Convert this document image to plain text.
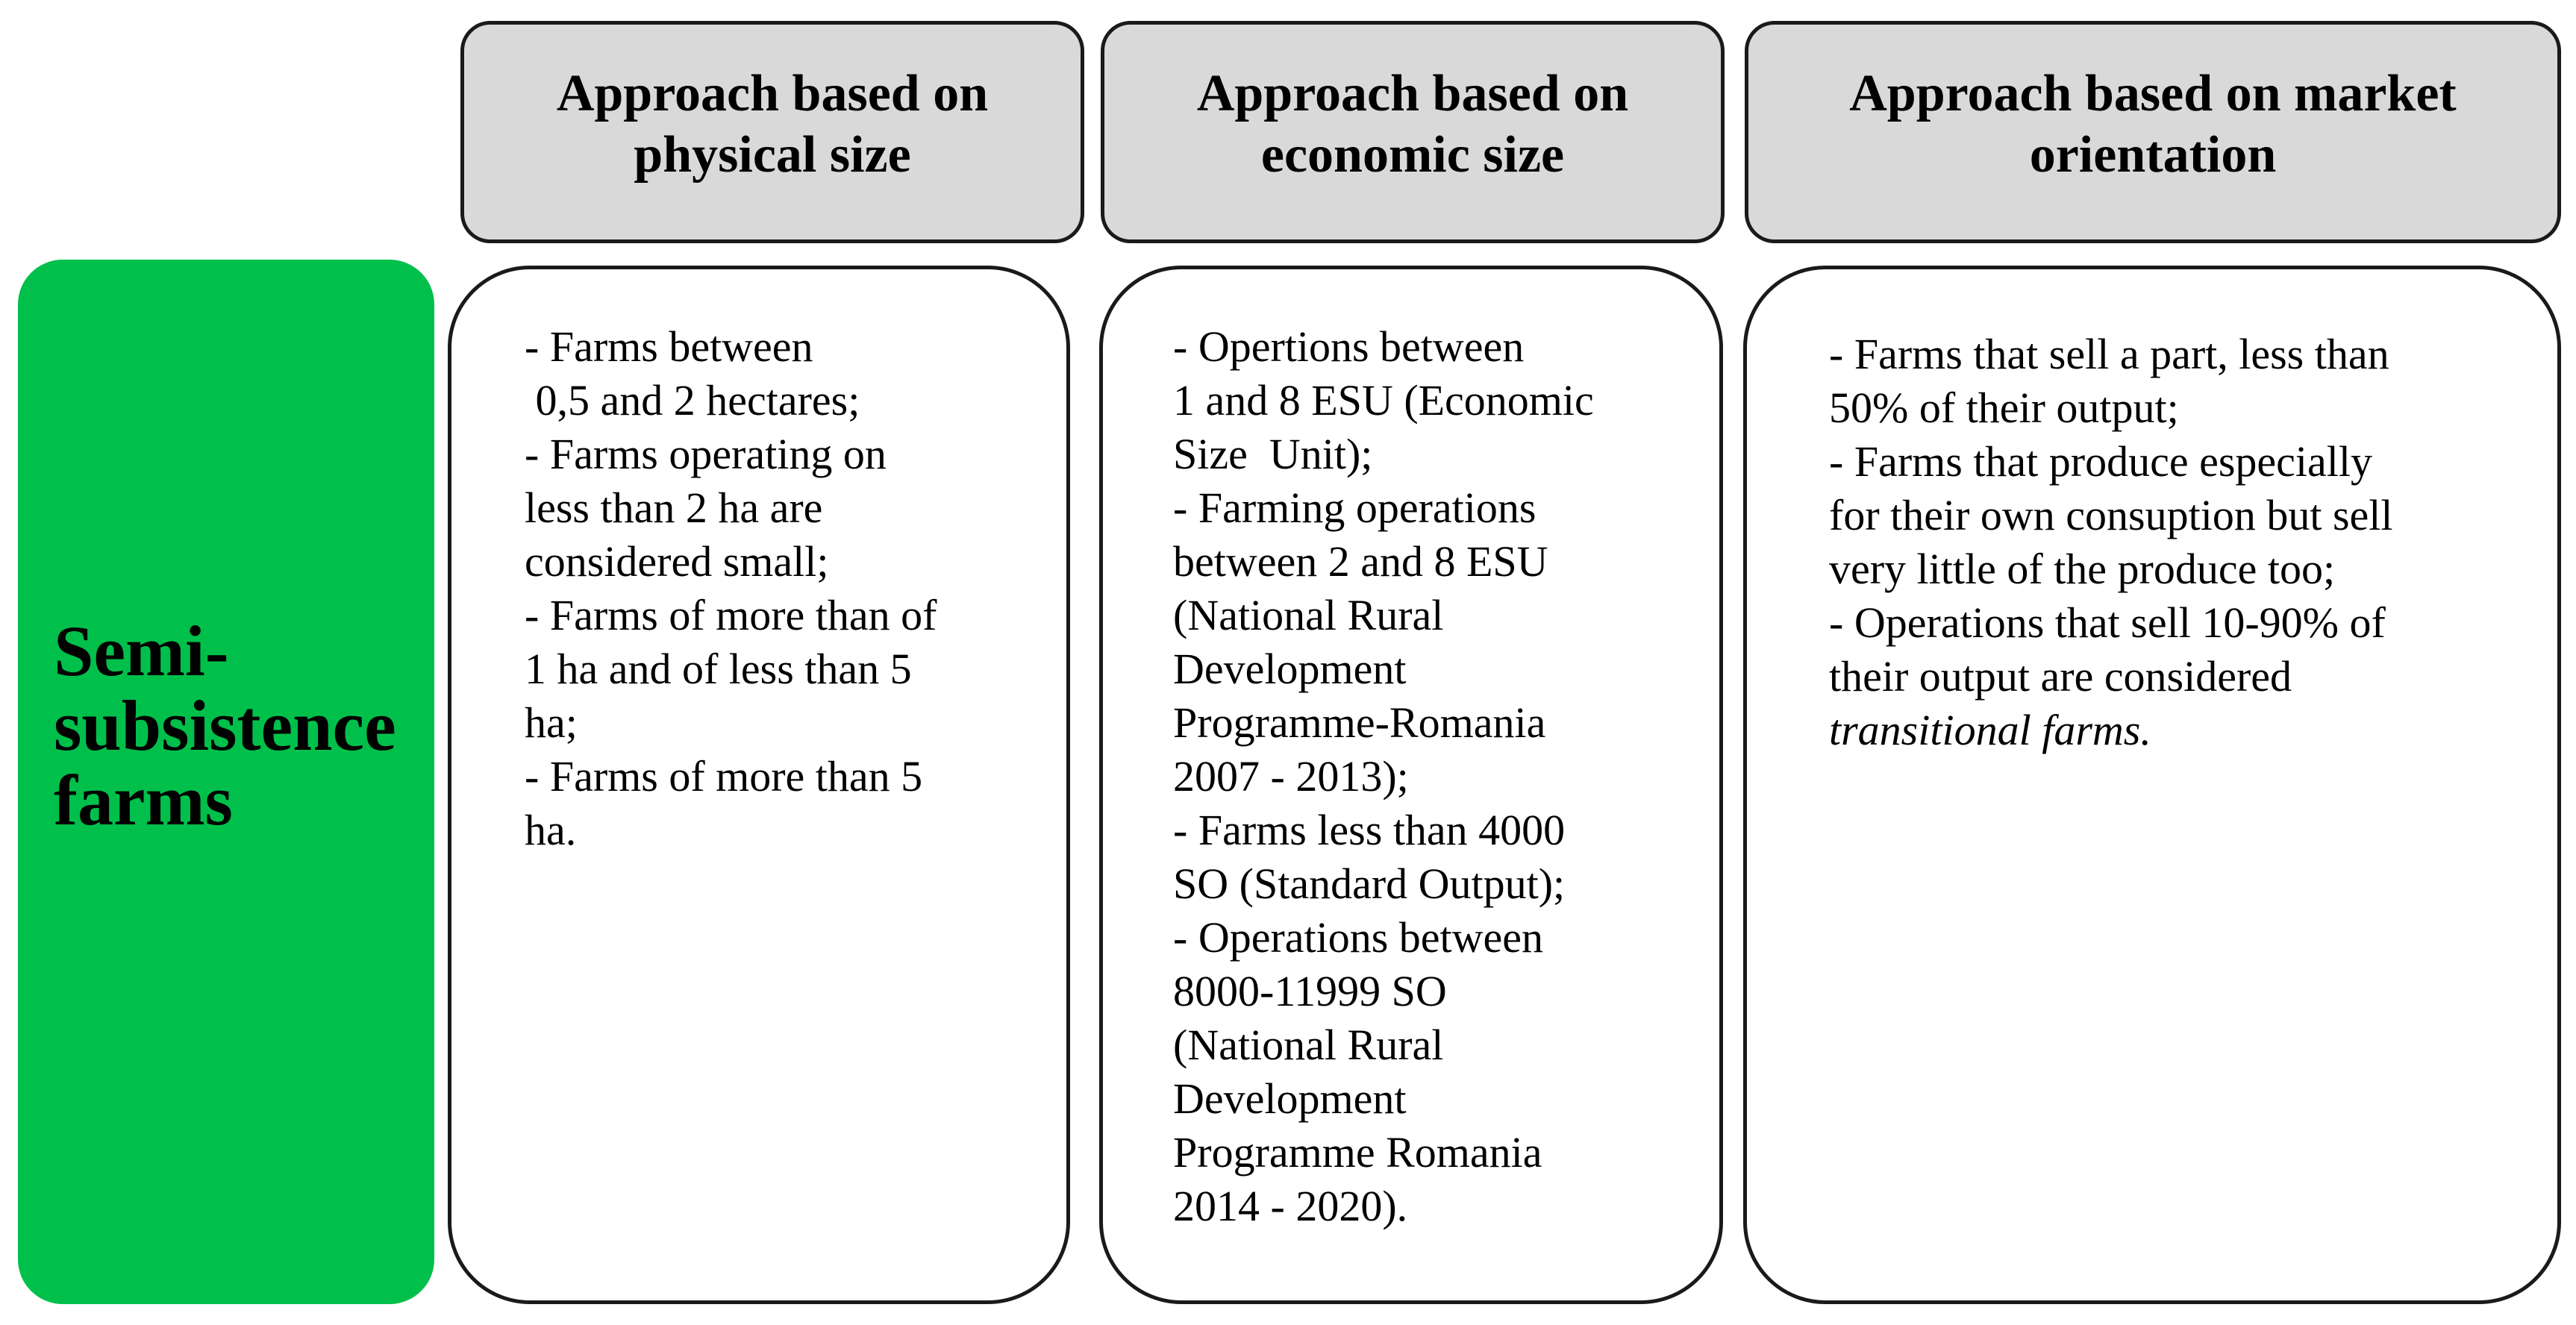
Approach based on physical size
Approach based on economic size
Approach based on market orientation
Semi-
subsistence
farms
- Farms between
0,5 and 2 hectares;
- Farms operating on
less than 2 ha are
considered small;
- Farms of more than of
1 ha and of less than 5
ha;
- Farms of more than 5
ha.
- Opertions between
1 and 8 ESU (Economic
Size  Unit);
- Farming operations
between 2 and 8 ESU
(National Rural
Development
Programme-Romania
2007 - 2013);
- Farms less than 4000
SO (Standard Output);
- Operations between
8000-11999 SO
(National Rural
Development
Programme Romania
2014 - 2020).
- Farms that sell a part, less than
50% of their output;
- Farms that produce especially
for their own consuption but sell
very little of the produce too;
- Operations that sell 10-90% of
their output are considered
transitional farms.
